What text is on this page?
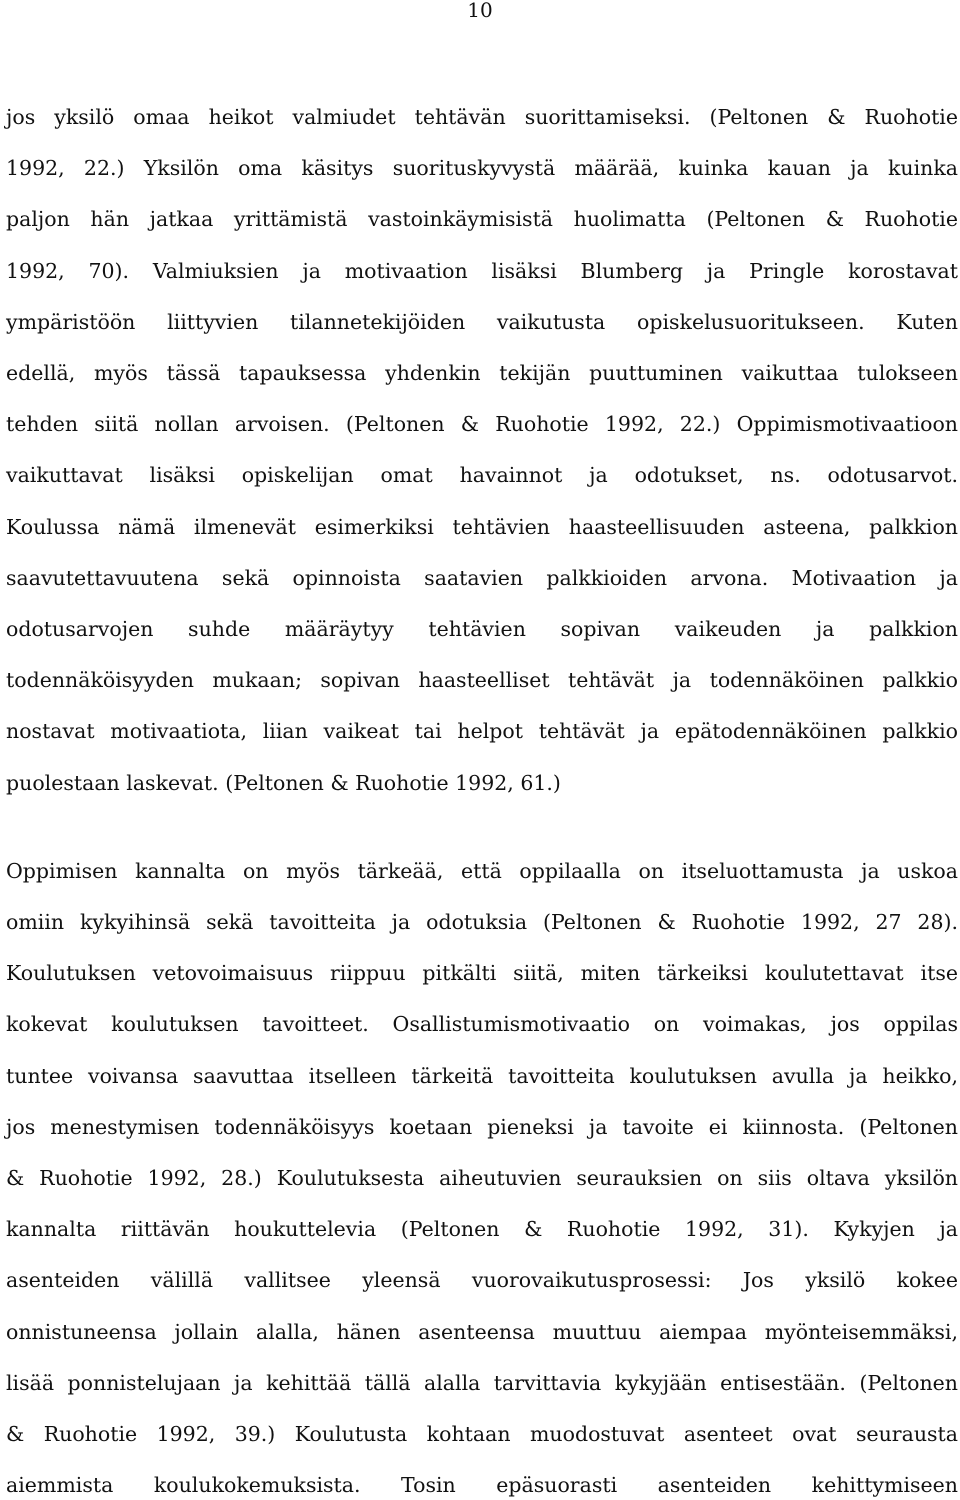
10
jos yksilö omaa heikot valmiudet tehtävän suorittamiseksi. (Peltonen & Ruohotie
1992, 22.) Yksilön oma käsitys suorituskyvystä määrää, kuinka kauan ja kuinka
paljon hän jatkaa yrittämistä vastoinkäymisistä huolimatta (Peltonen & Ruohotie
1992, 70). Valmiuksien ja motivaation lisäksi Blumberg ja Pringle korostavat
ympäristöön liittyvien tilannetekijöiden vaikutusta opiskelusuoritukseen. Kuten
edellä, myös tässä tapauksessa yhdenkin tekijän puuttuminen vaikuttaa tulokseen
tehden siitä nollan arvoisen. (Peltonen & Ruohotie 1992, 22.) Oppimismotivaatioon
vaikuttavat lisäksi opiskelijan omat havainnot ja odotukset, ns. odotusarvot.
Koulussa nämä ilmenevät esimerkiksi tehtävien haasteellisuuden asteena, palkkion
saavutettavuutena sekä opinnoista saatavien palkkioiden arvona. Motivaation ja
odotusarvojen suhde määräytyy tehtävien sopivan vaikeuden ja palkkion
todennäköisyyden mukaan; sopivan haasteelliset tehtävät ja todennäköinen palkkio
nostavat motivaatiota, liian vaikeat tai helpot tehtävät ja epätodennäköinen palkkio
puolestaan laskevat. (Peltonen & Ruohotie 1992, 61.)
Oppimisen kannalta on myös tärkeää, että oppilaalla on itseluottamusta ja uskoa
omiin kykyihinsä sekä tavoitteita ja odotuksia (Peltonen & Ruohotie 1992, 27 28).
Koulutuksen vetovoimaisuus riippuu pitkälti siitä, miten tärkeiksi koulutettavat itse
kokevat koulutuksen tavoitteet. Osallistumismotivaatio on voimakas, jos oppilas
tuntee voivansa saavuttaa itselleen tärkeitä tavoitteita koulutuksen avulla ja heikko,
jos menestymisen todennäköisyys koetaan pieneksi ja tavoite ei kiinnosta. (Peltonen
& Ruohotie 1992, 28.) Koulutuksesta aiheutuvien seurauksien on siis oltava yksilön
kannalta riittävän houkuttelevia (Peltonen & Ruohotie 1992, 31). Kykyjen ja
asenteiden välillä vallitsee yleensä vuorovaikutusprosessi: Jos yksilö kokee
onnistuneensa jollain alalla, hänen asenteensa muuttuu aiempaa myönteisemmäksi,
lisää ponnistelujaan ja kehittää tällä alalla tarvittavia kykyjään entisestään. (Peltonen
& Ruohotie 1992, 39.) Koulutusta kohtaan muodostuvat asenteet ovat seurausta
aiemmista koulukokemuksista. Tosin epäsuorasti asenteiden kehittymiseen
